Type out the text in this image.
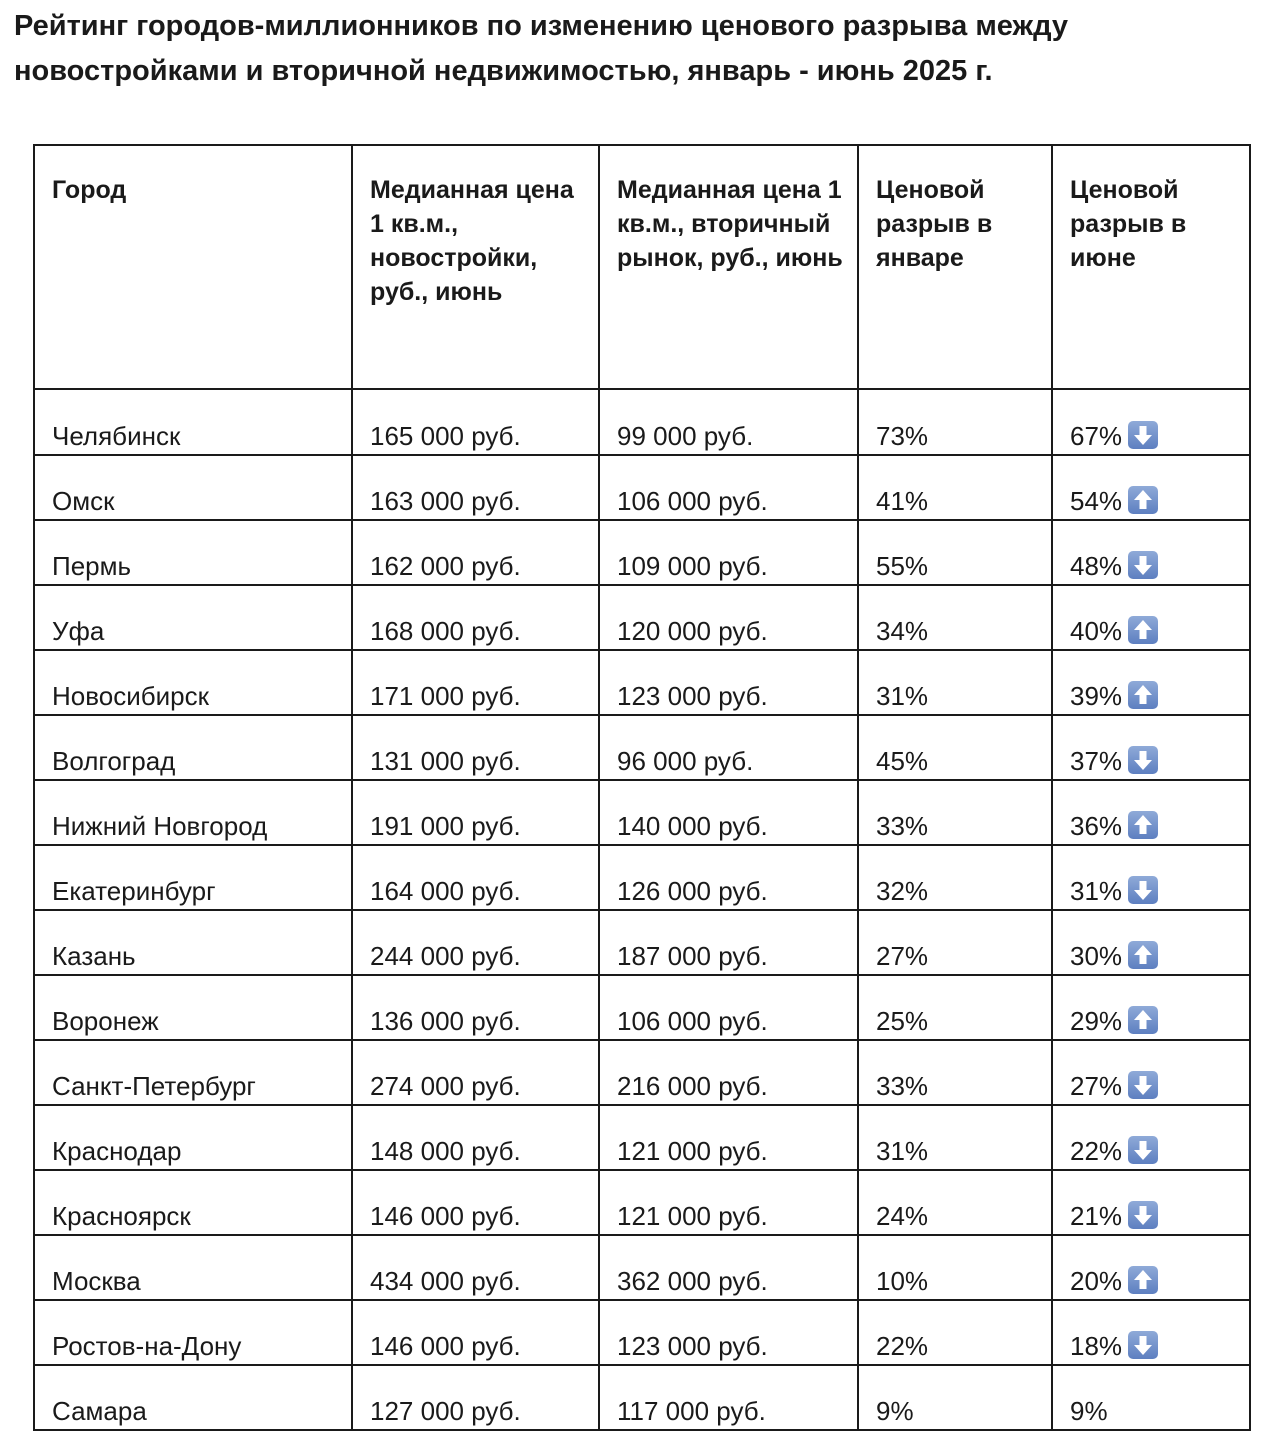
Рейтинг городов-миллионников по изменению ценового разрыва между новостройками и вторичной недвижимостью, январь - июнь 2025 г.
Город	Медианная цена 1 кв.м., новостройки, руб., июнь	Медианная цена 1 кв.м., вторичный рынок, руб., июнь	Ценовой разрыв в январе	Ценовой разрыв в июне
Челябинск	165 000 руб.	99 000 руб.	73%	67%

Омск	163 000 руб.	106 000 руб.	41%	54%

Пермь	162 000 руб.	109 000 руб.	55%	48%

Уфа	168 000 руб.	120 000 руб.	34%	40%

Новосибирск	171 000 руб.	123 000 руб.	31%	39%

Волгоград	131 000 руб.	96 000 руб.	45%	37%

Нижний Новгород	191 000 руб.	140 000 руб.	33%	36%

Екатеринбург	164 000 руб.	126 000 руб.	32%	31%

Казань	244 000 руб.	187 000 руб.	27%	30%

Воронеж	136 000 руб.	106 000 руб.	25%	29%

Санкт-Петербург	274 000 руб.	216 000 руб.	33%	27%

Краснодар	148 000 руб.	121 000 руб.	31%	22%

Красноярск	146 000 руб.	121 000 руб.	24%	21%

Москва	434 000 руб.	362 000 руб.	10%	20%

Ростов-на-Дону	146 000 руб.	123 000 руб.	22%	18%

Самара	127 000 руб.	117 000 руб.	9%	9%
